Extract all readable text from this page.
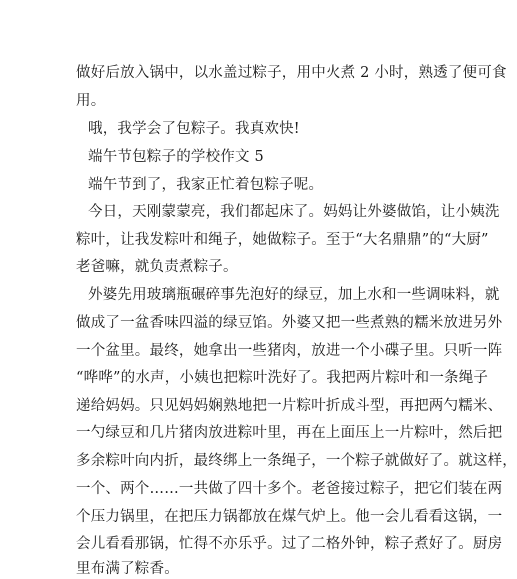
做好后放入锅中，以水盖过粽子，用中火煮 2 小时，熟透了便可食
用。
哦，我学会了包粽子。我真欢快!
端午节包粽子的学校作文 5
端午节到了，我家正忙着包粽子呢。
今日，天刚蒙蒙亮，我们都起床了。妈妈让外婆做馅，让小姨洗
粽叶，让我发粽叶和绳子，她做粽子。至于“大名鼎鼎”的“大厨”
老爸嘛，就负责煮粽子。
外婆先用玻璃瓶碾碎事先泡好的绿豆，加上水和一些调味料，就
做成了一盆香味四溢的绿豆馅。外婆又把一些煮熟的糯米放进另外
一个盆里。最终，她拿出一些猪肉，放进一个小碟子里。只听一阵
“哗哗”的水声，小姨也把粽叶洗好了。我把两片粽叶和一条绳子
递给妈妈。只见妈妈娴熟地把一片粽叶折成斗型，再把两勺糯米、
一勺绿豆和几片猪肉放进粽叶里，再在上面压上一片粽叶，然后把
多余粽叶向内折，最终绑上一条绳子，一个粽子就做好了。就这样，
一个、两个……一共做了四十多个。老爸接过粽子，把它们装在两
个压力锅里，在把压力锅都放在煤气炉上。他一会儿看看这锅，一
会儿看看那锅，忙得不亦乐乎。过了二格外钟，粽子煮好了。厨房
里布满了粽香。
